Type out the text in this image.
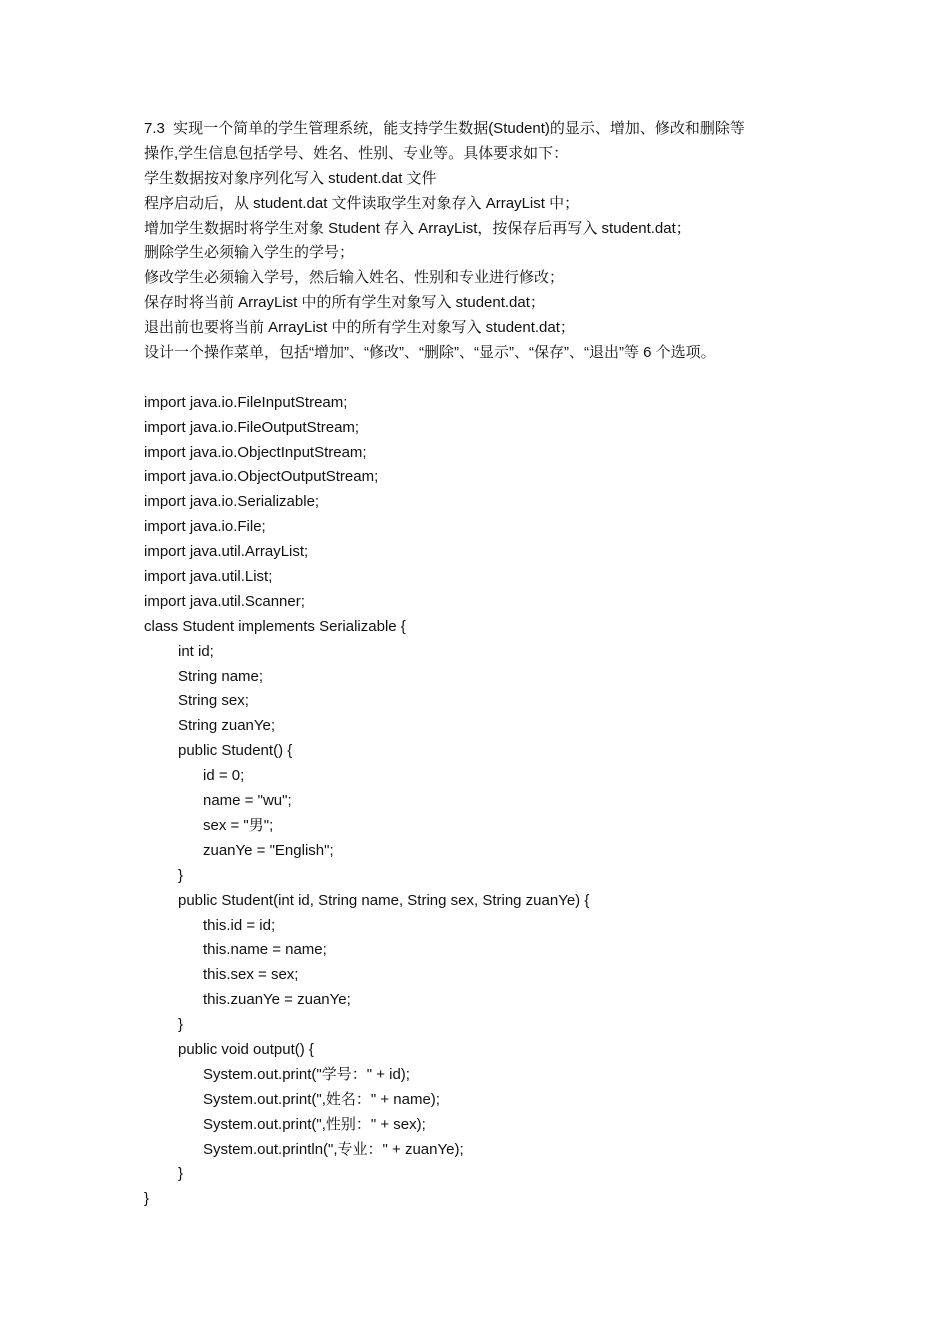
7.3  实现一个简单的学生管理系统，能支持学生数据(Student)的显示、增加、修改和删除等
操作,学生信息包括学号、姓名、性别、专业等。具体要求如下：
学生数据按对象序列化写入 student.dat 文件
程序启动后，从 student.dat 文件读取学生对象存入 ArrayList 中；
增加学生数据时将学生对象 Student 存入 ArrayList，按保存后再写入 student.dat；
删除学生必须输入学生的学号；
修改学生必须输入学号，然后输入姓名、性别和专业进行修改；
保存时将当前 ArrayList 中的所有学生对象写入 student.dat；
退出前也要将当前 ArrayList 中的所有学生对象写入 student.dat；
设计一个操作菜单，包括“增加”、“修改”、“删除”、“显示”、“保存”、“退出”等 6 个选项。
import java.io.FileInputStream;
import java.io.FileOutputStream;
import java.io.ObjectInputStream;
import java.io.ObjectOutputStream;
import java.io.Serializable;
import java.io.File;
import java.util.ArrayList;
import java.util.List;
import java.util.Scanner;
class Student implements Serializable {
int id;
String name;
String sex;
String zuanYe;
public Student() {
id = 0;
name = "wu";
sex = "男";
zuanYe = "English";
}
public Student(int id, String name, String sex, String zuanYe) {
this.id = id;
this.name = name;
this.sex = sex;
this.zuanYe = zuanYe;
}
public void output() {
System.out.print("学号：" + id);
System.out.print(",姓名：" + name);
System.out.print(",性别：" + sex);
System.out.println(",专业：" + zuanYe);
}
}
